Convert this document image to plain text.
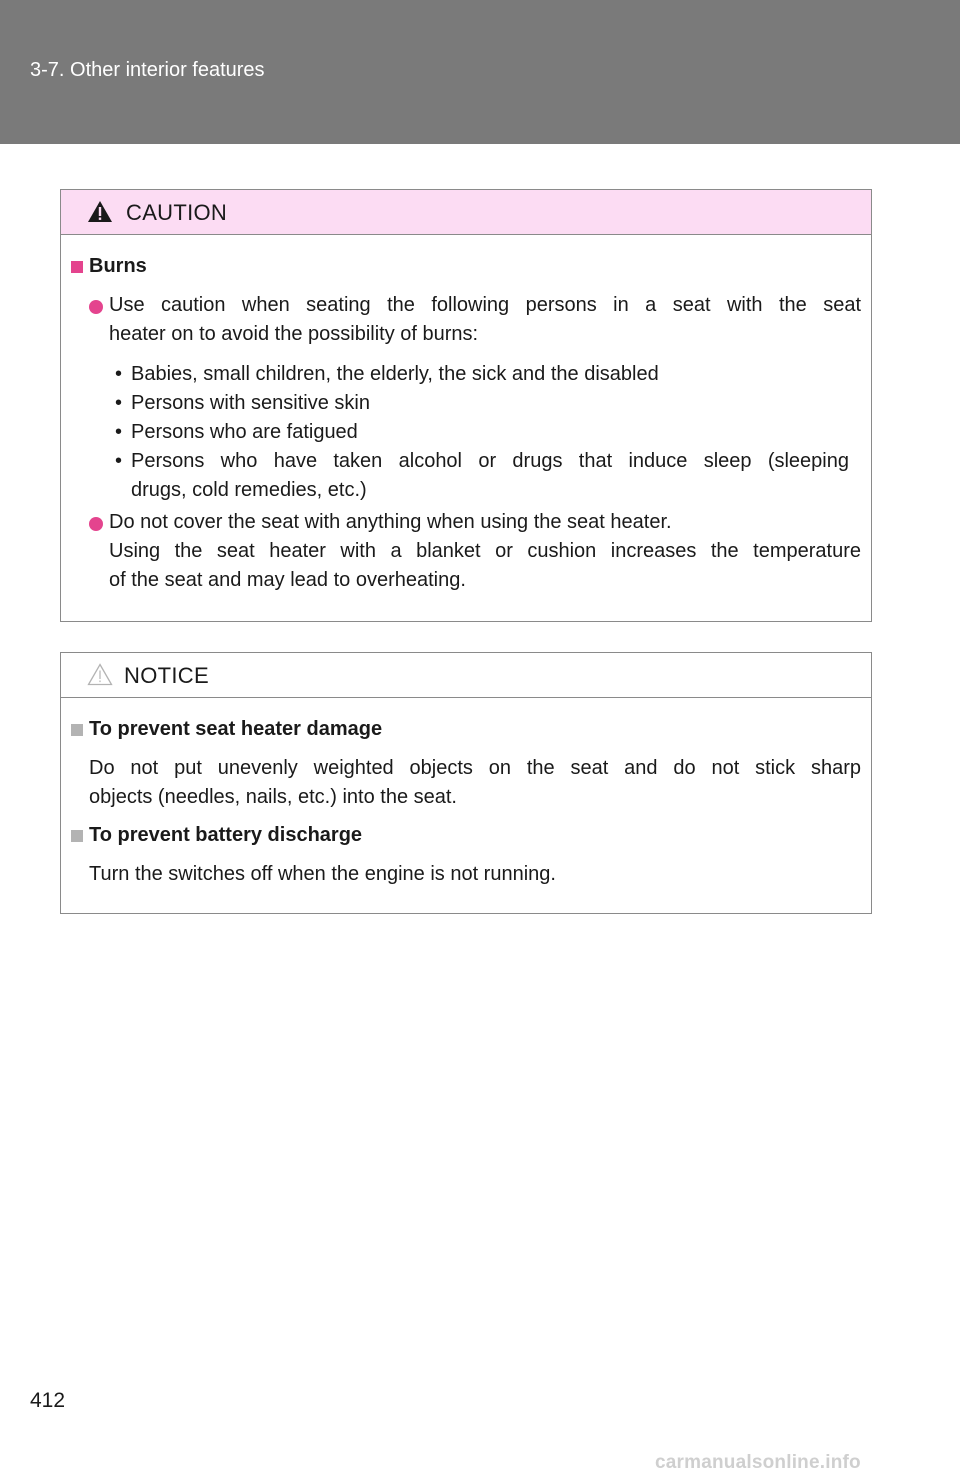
3-7. Other interior features
CAUTION
Burns
Use caution when seating the following persons in a seat with the seat
heater on to avoid the possibility of burns:
• Babies, small children, the elderly, the sick and the disabled
• Persons with sensitive skin
• Persons who are fatigued
• Persons who have taken alcohol or drugs that induce sleep (sleeping
drugs, cold remedies, etc.)
Do not cover the seat with anything when using the seat heater.
Using the seat heater with a blanket or cushion increases the temperature
of the seat and may lead to overheating.
NOTICE
To prevent seat heater damage
Do not put unevenly weighted objects on the seat and do not stick sharp
objects (needles, nails, etc.) into the seat.
To prevent battery discharge
Turn the switches off when the engine is not running.
412
carmanualsonline.info
